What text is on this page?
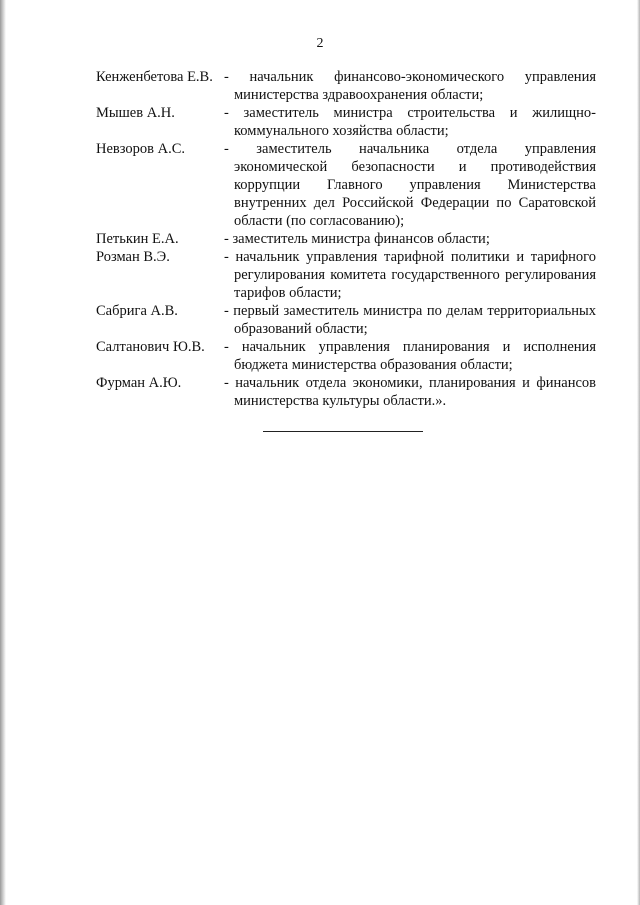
2
Кенженбетова Е.В. - начальник финансово-экономического управления министерства здравоохранения области;
Мышев А.Н.	- заместитель министра строительства и жилищно-коммунального хозяйства области;
Невзоров А.С.	- заместитель начальника отдела управления экономической безопасности и противодействия коррупции Главного управления Министерства внутренних дел Российской Федерации по Саратовской области (по согласованию);
Петькин Е.А.	- заместитель министра финансов области;
Розман В.Э.	- начальник управления тарифной политики и тарифного регулирования комитета государственного регулирования тарифов области;
Сабрига А.В.	- первый заместитель министра по делам территориальных образований области;
Салтанович Ю.В.	- начальник управления планирования и исполнения бюджета министерства образования области;
Фурман А.Ю.	- начальник отдела экономики, планирования и финансов министерства культуры области.».
